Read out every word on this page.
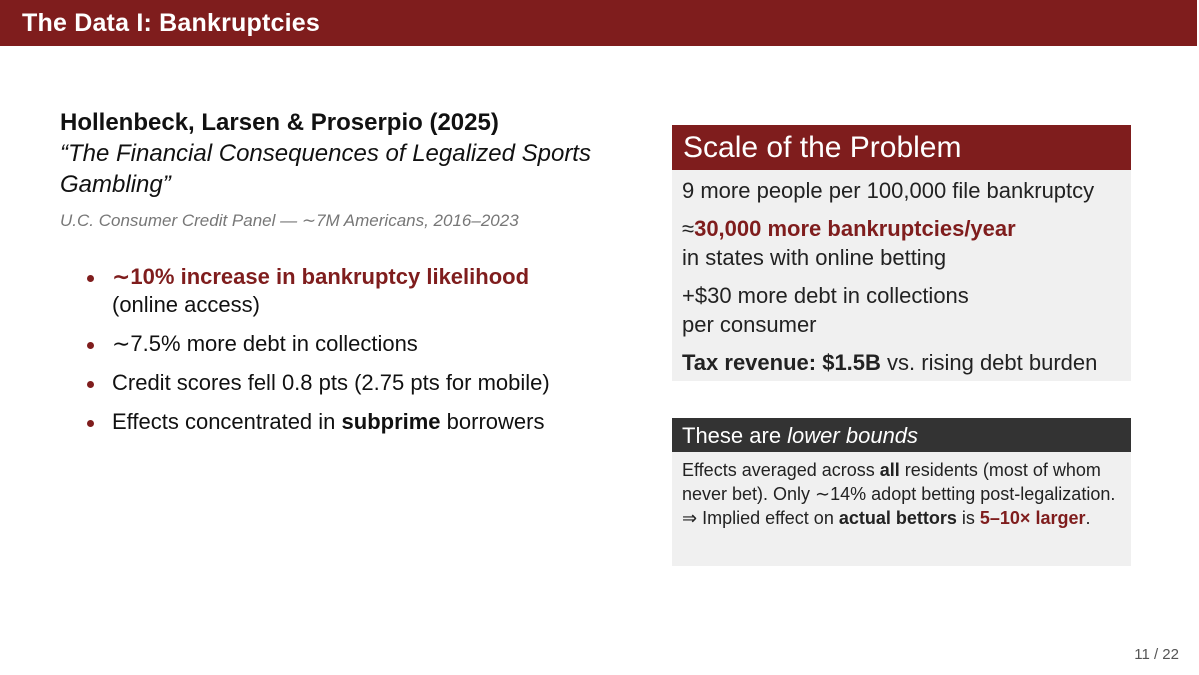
The Data I: Bankruptcies
Hollenbeck, Larsen & Proserpio (2025)
“The Financial Consequences of Legalized Sports Gambling”
U.C. Consumer Credit Panel — ∼7M Americans, 2016–2023
∼10% increase in bankruptcy likelihood
(online access)
∼7.5% more debt in collections
Credit scores fell 0.8 pts (2.75 pts for mobile)
Effects concentrated in subprime borrowers
Scale of the Problem
9 more people per 100,000 file bankruptcy
≈30,000 more bankruptcies/year
in states with online betting
+$30 more debt in collections
per consumer
Tax revenue: $1.5B vs. rising debt burden
These are lower bounds
Effects averaged across all residents (most of whom never bet). Only ∼14% adopt betting post-legalization. ⇒ Implied effect on actual bettors is 5–10× larger.
11 / 22
